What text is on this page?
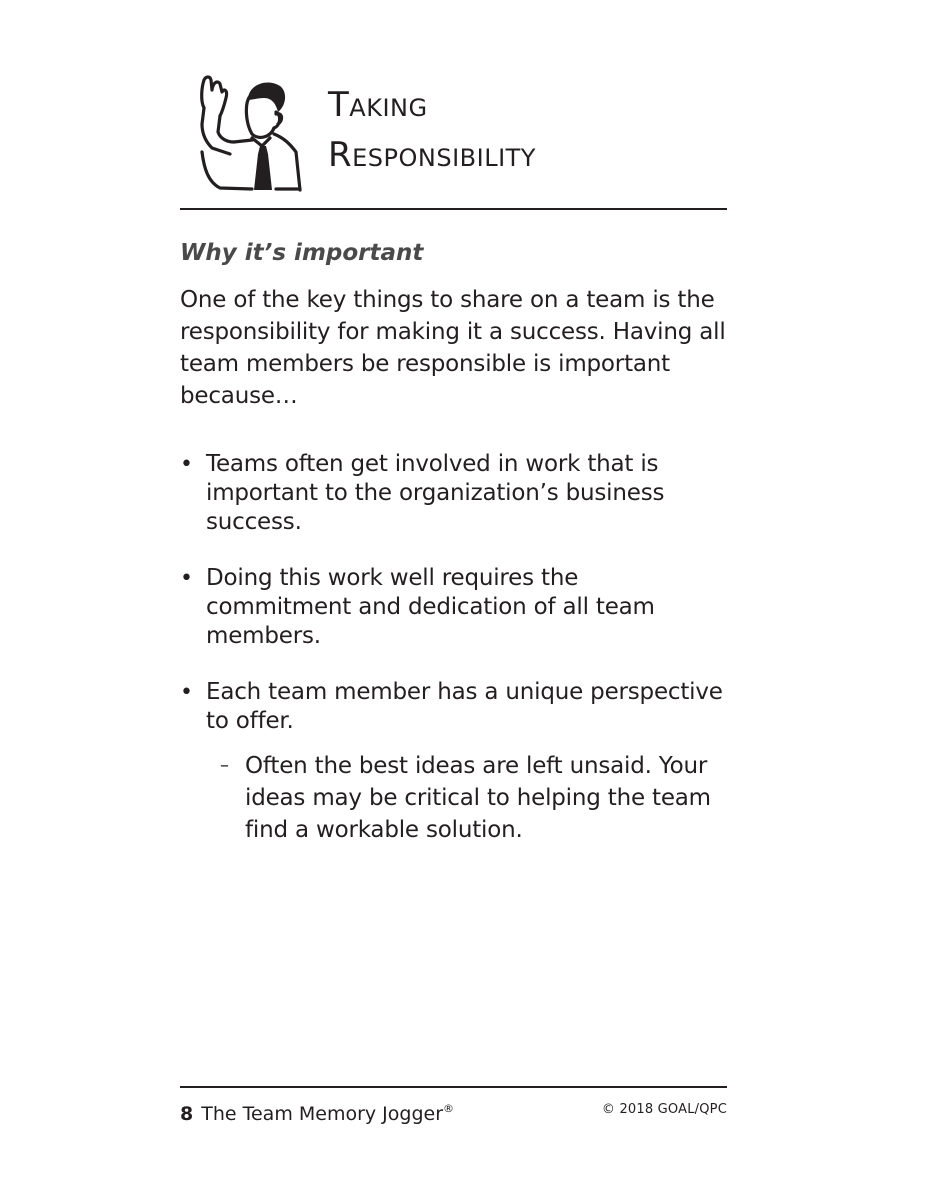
Taking
Responsibility
Why it’s important

One of the key things to share on a team is the responsibility for making it a success. Having all team members be responsible is important because…

• Teams often get involved in work that is important to the organization’s business success.
• Doing this work well requires the commitment and dedication of all team members.
• Each team member has a unique perspective to offer.
– Often the best ideas are left unsaid. Your ideas may be critical to helping the team find a workable solution.
8 The Team Memory Jogger®	© 2018 GOAL/QPC
